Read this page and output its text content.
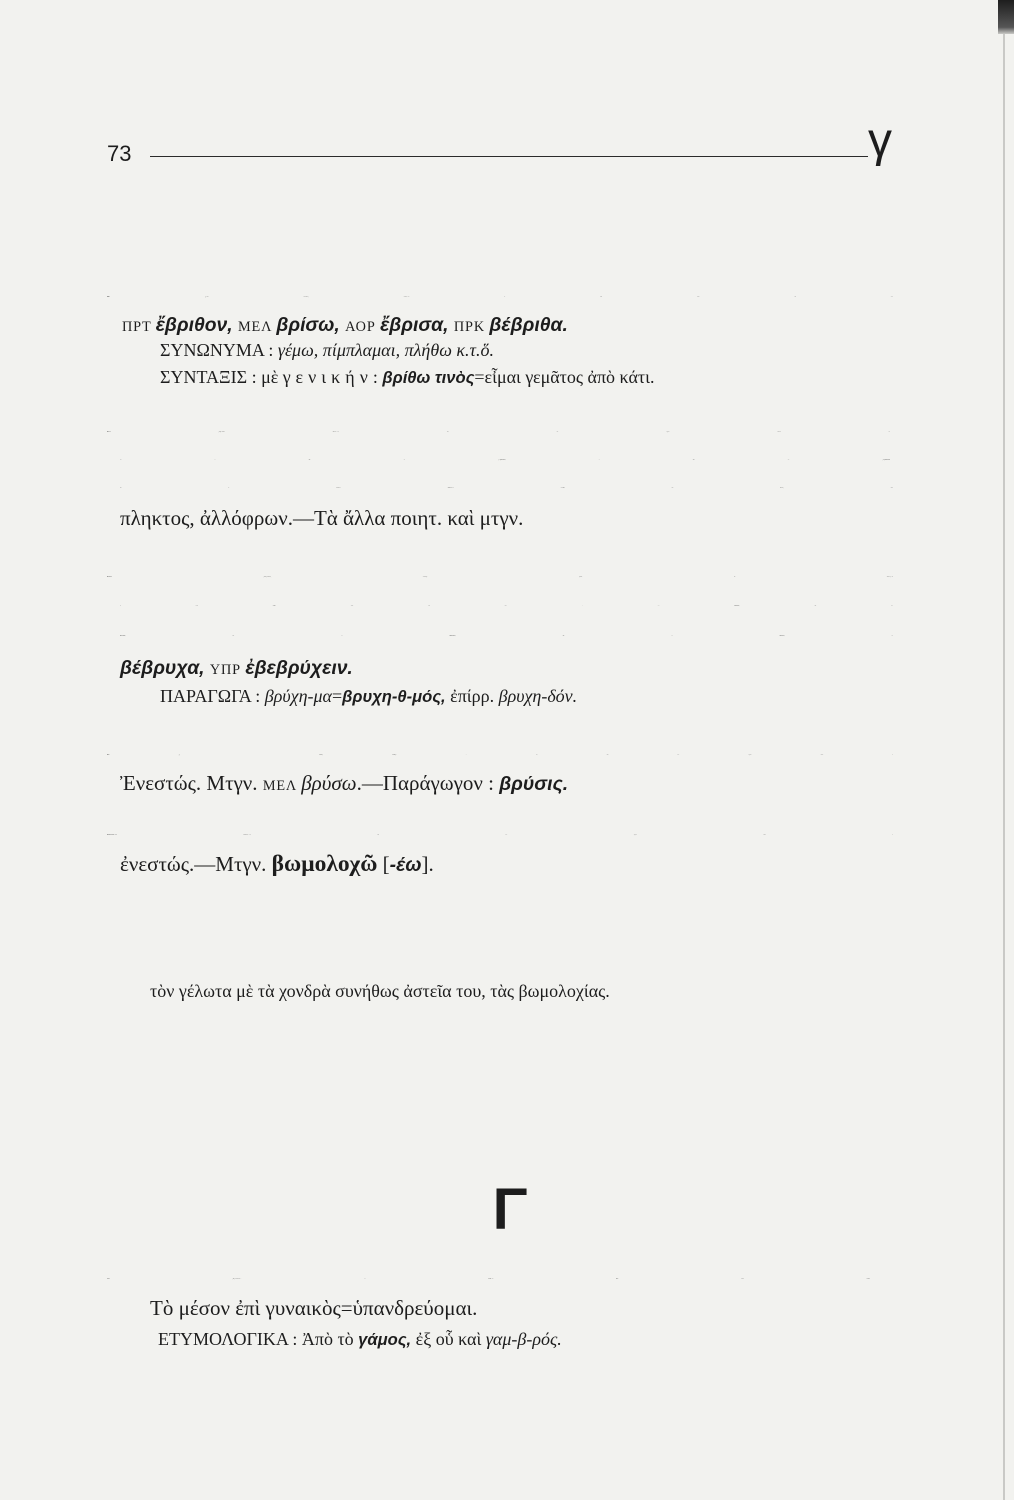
73	γ
βρίθω [ῑ]=εἶμαι φορτωμένος, γεμᾶτος.—Τὸ ῥ. εἶναι ποιητ. καὶ μτγν.
ΠΡΤ ἔβριθον, ΜΕΛ βρίσω, ΑΟΡ ἔβρισα, ΠΡΚ βέβριθα.
ΣΥΝΩΝΥΜΑ : γέμω, πίμπλαμαι, πλήθω κ.τ.ὅ.
ΣΥΝΤΑΞΙΣ : μὲ γενικήν: βρίθω τινὸς=εἶμαι γεμᾶτος ἀπὸ κάτι.
βροντῶ [ ]=παράγω βροντήν.—Εἰς τοὺς ἀττ. πεζογρ. ἀπαντᾷ μό-
νον ὁ παθ.	[ἐν-]	ὁ παθ.	[ἐμ-]
καὶ τὸ παράγωγον ἐμβρόντητος=ὁ κτυπηθεὶς ὑπὸ βροντῆς, κατά-
πληκτος, ἀλλόφρων.—Τὰ ἄλλα ποιητ. καὶ μτγν.
βρυχῶμαι [-άομαι]=ὠρύομαι, μουγκρίζω (κυρίως ἐπὶ λεόντων).—Τὸ
ῥ. εἶναι μᾶλλον ποιητ. καὶ μτγν. —	μέσ.
μέσ.	παθ.
βέβρυχα, ΥΠΡ ἐβεβρύχειν.
ΠΑΡΑΓΩΓΑ : βρύχη-μα=βρυχη-θ-μός, ἐπίρρ. βρυχη-δόν.
βρύω [ῠ] = ἀναβρύω, ἀναβλύζω. — Εἰς τοὺς ἀττ. πεζογρ. μόνον ὁ
Ἐνεστώς. Μτγν. ΜΕΛ βρύσω.—Παράγωγον : βρύσις.
βωμολοχεύομαι=εἶμαι βωμολόχος.—Εἰς τοὺς ἀττ. πεζογρ. μόνον ὁ
ἐνεστώς.—Μτγν. βωμολοχῶ [-έω].
τὸν γέλωτα μὲ τὰ χονδρὰ συνήθως ἀστεῖα του, τὰς βωμολοχίας.
Γ
γαμῶ [ ]=νυμφεύομαι.—	.—Οἱ ἄλλοι χρόνοι ὁμαλῶς.
Τὸ μέσον ἐπὶ γυναικὸς=ὑπανδρεύομαι.
ΕΤΥΜΟΛΟΓΙΚΑ : Ἀπὸ τὸ γάμος, ἐξ οὗ καὶ γαμ-β-ρός.
